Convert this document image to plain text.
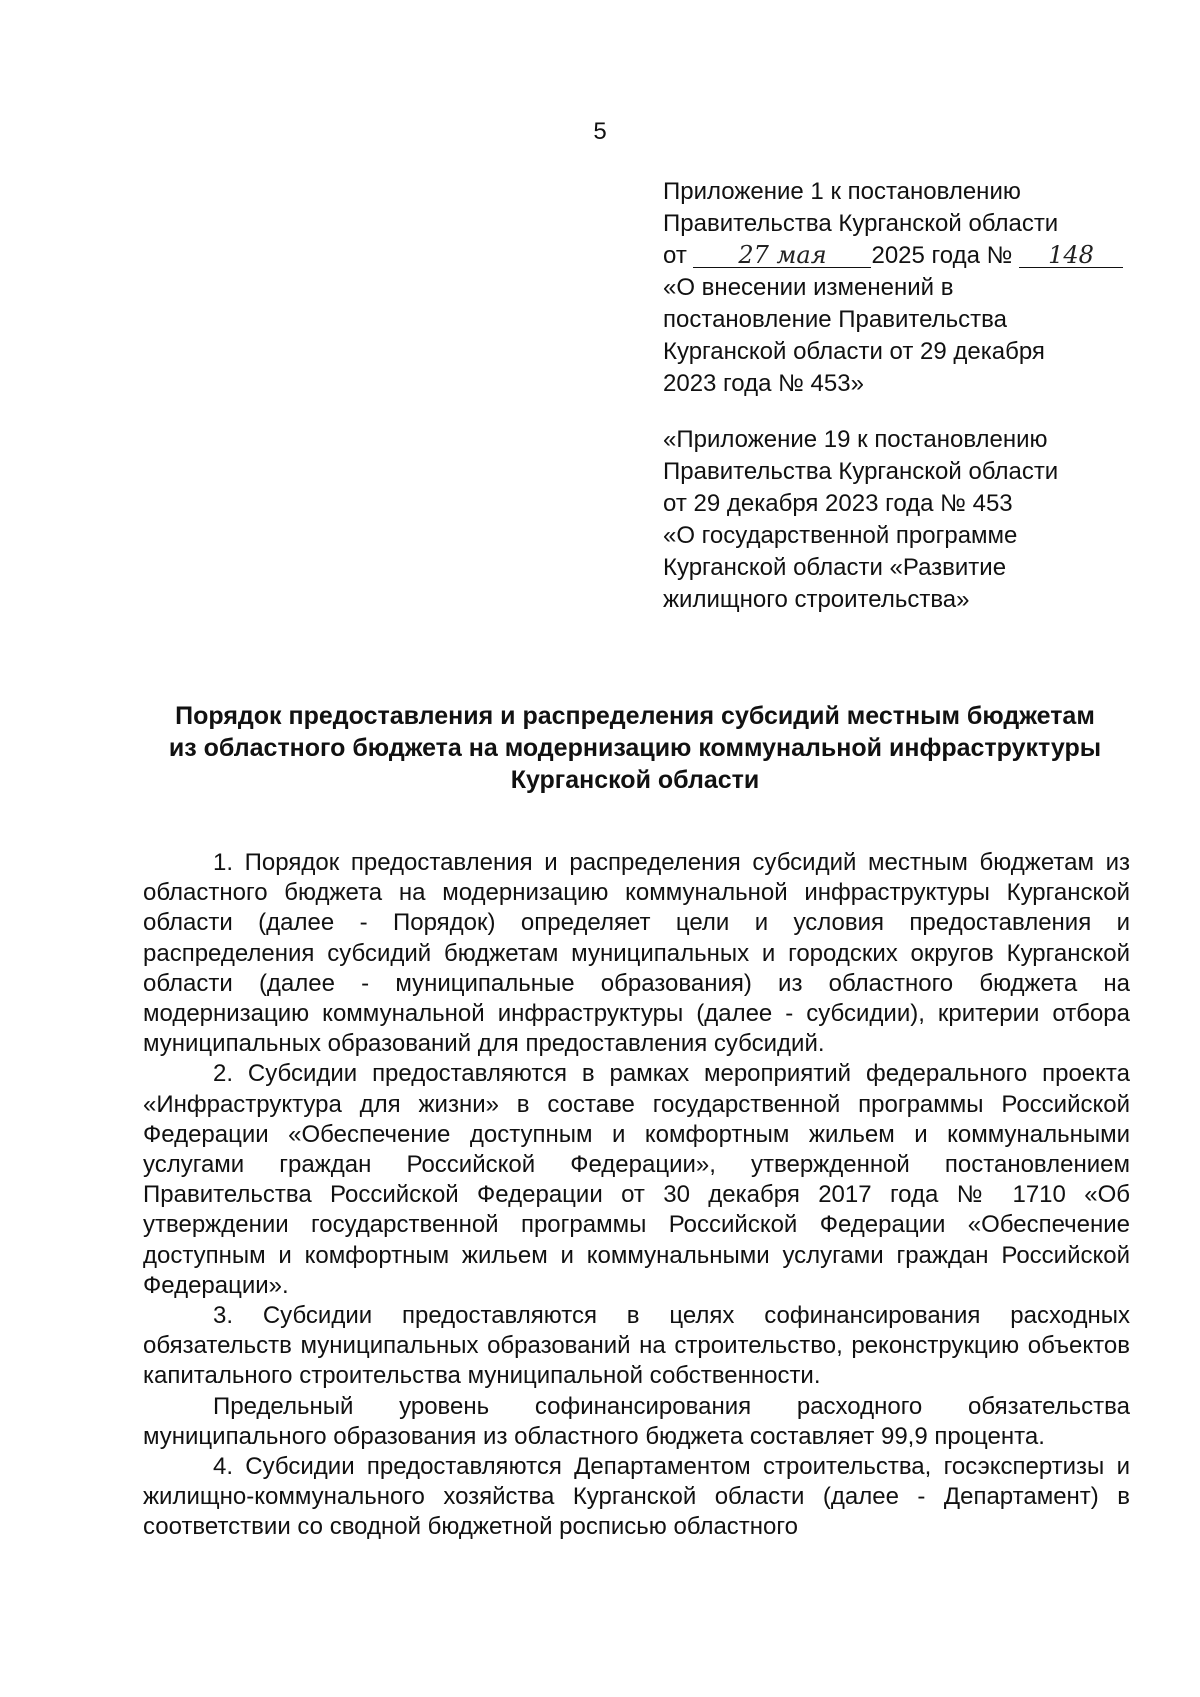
5

Приложение 1 к постановлению

Правительства Курганской области

от 27 мая 2025 года № 148

«О внесении изменений в

постановление Правительства

Курганской области от 29 декабря

2023 года № 453»

«Приложение 19 к постановлению

Правительства Курганской области

от 29 декабря 2023 года № 453

«О государственной программе

Курганской области «Развитие

жилищного строительства»

Порядок предоставления и распределения субсидий местным бюджетам
из областного бюджета на модернизацию коммунальной инфраструктуры
Курганской области

1. Порядок предоставления и распределения субсидий местным бюджетам из областного бюджета на модернизацию коммунальной инфраструктуры Курганской области (далее - Порядок) определяет цели и условия предоставления и распределения субсидий бюджетам муниципальных и городских округов Курганской области (далее - муниципальные образования) из областного бюджета на модернизацию коммунальной инфраструктуры (далее - субсидии), критерии отбора муниципальных образований для предоставления субсидий.

2. Субсидии предоставляются в рамках мероприятий федерального проекта «Инфраструктура для жизни» в составе государственной программы Российской Федерации «Обеспечение доступным и комфортным жильем и коммунальными услугами граждан Российской Федерации», утвержденной постановлением Правительства Российской Федерации от 30 декабря 2017 года № 1710 «Об утверждении государственной программы Российской Федерации «Обеспечение доступным и комфортным жильем и коммунальными услугами граждан Российской Федерации».

3. Субсидии предоставляются в целях софинансирования расходных обязательств муниципальных образований на строительство, реконструкцию объектов капитального строительства муниципальной собственности.

Предельный уровень софинансирования расходного обязательства муниципального образования из областного бюджета составляет 99,9 процента.

4. Субсидии предоставляются Департаментом строительства, госэкспертизы и жилищно-коммунального хозяйства Курганской области (далее - Департамент) в соответствии со сводной бюджетной росписью областного
